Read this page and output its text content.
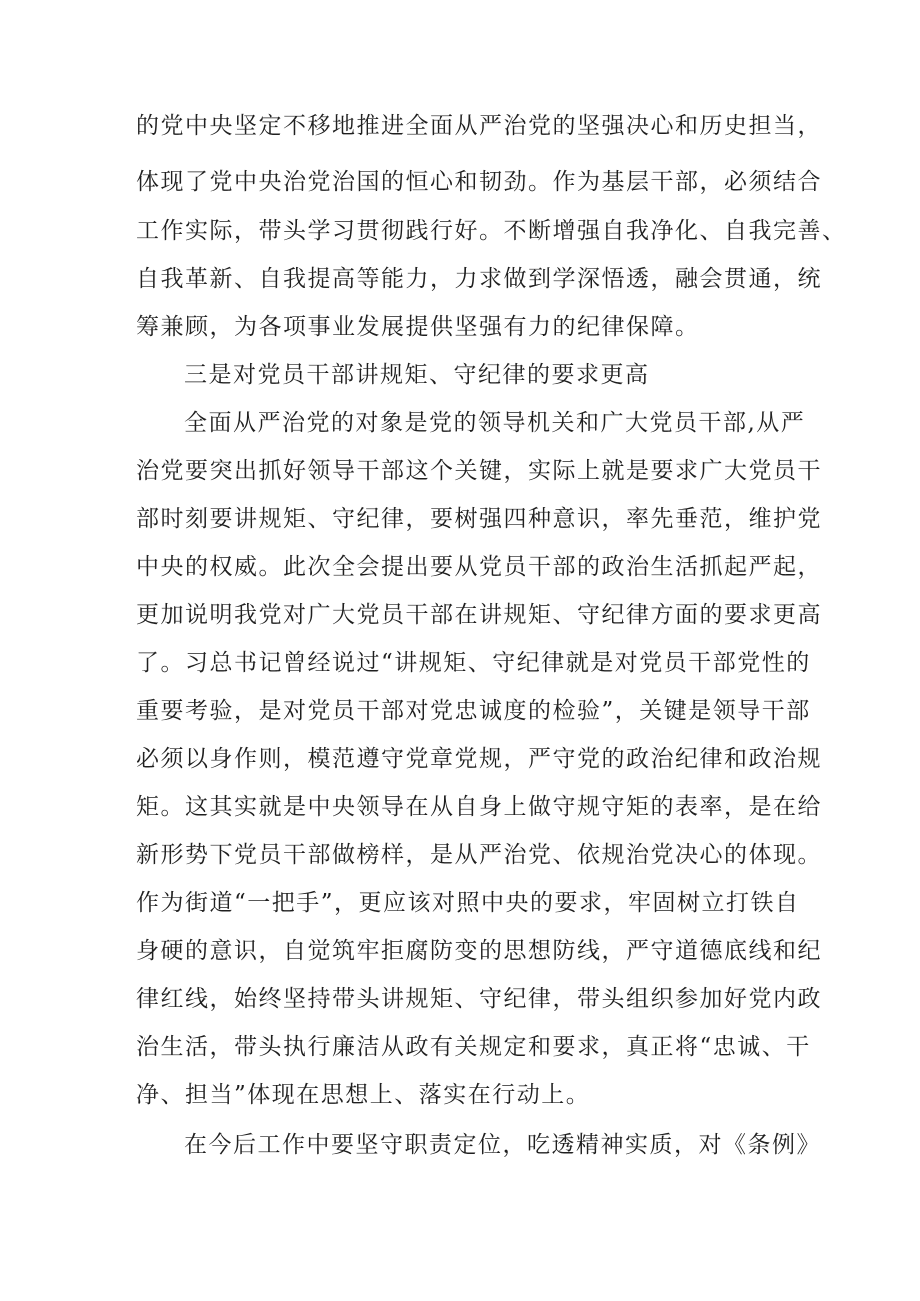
的党中央坚定不移地推进全面从严治党的坚强决心和历史担当，
体现了党中央治党治国的恒心和韧劲。作为基层干部，必须结合
工作实际，带头学习贯彻践行好。不断增强自我净化、自我完善、
自我革新、自我提高等能力，力求做到学深悟透，融会贯通，统
筹兼顾，为各项事业发展提供坚强有力的纪律保障。
三是对党员干部讲规矩、守纪律的要求更高
全面从严治党的对象是党的领导机关和广大党员干部,从严
治党要突出抓好领导干部这个关键，实际上就是要求广大党员干
部时刻要讲规矩、守纪律，要树强四种意识，率先垂范，维护党
中央的权威。此次全会提出要从党员干部的政治生活抓起严起，
更加说明我党对广大党员干部在讲规矩、守纪律方面的要求更高
了。习总书记曾经说过“讲规矩、守纪律就是对党员干部党性的
重要考验，是对党员干部对党忠诚度的检验”，关键是领导干部
必须以身作则，模范遵守党章党规，严守党的政治纪律和政治规
矩。这其实就是中央领导在从自身上做守规守矩的表率，是在给
新形势下党员干部做榜样，是从严治党、依规治党决心的体现。
作为街道“一把手”，更应该对照中央的要求，牢固树立打铁自
身硬的意识，自觉筑牢拒腐防变的思想防线，严守道德底线和纪
律红线，始终坚持带头讲规矩、守纪律，带头组织参加好党内政
治生活，带头执行廉洁从政有关规定和要求，真正将“忠诚、干
净、担当”体现在思想上、落实在行动上。
在今后工作中要坚守职责定位，吃透精神实质，对《条例》
